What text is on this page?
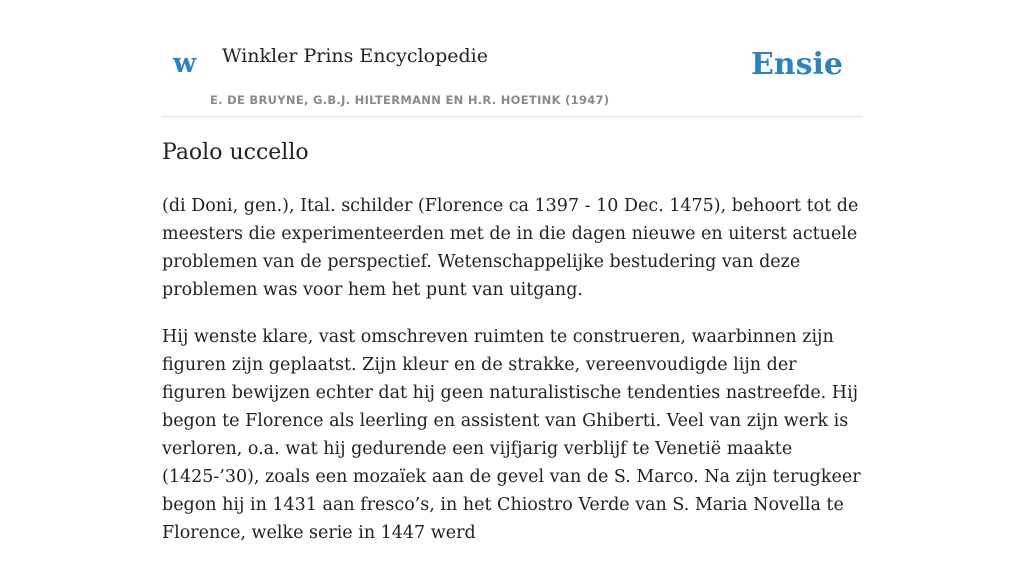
w Winkler Prins Encyclopedie
E. DE BRUYNE, G.B.J. HILTERMANN EN H.R. HOETINK (1947)
Ensie
Paolo uccello

(di Doni, gen.), Ital. schilder (Florence ca 1397 - 10 Dec. 1475), behoort tot de meesters die experimenteerden met de in die dagen nieuwe en uiterst actuele problemen van de perspectief. Wetenschappelijke bestudering van deze problemen was voor hem het punt van uitgang.

Hij wenste klare, vast omschreven ruimten te construeren, waarbinnen zijn figuren zijn geplaatst. Zijn kleur en de strakke, vereenvoudigde lijn der figuren bewijzen echter dat hij geen naturalistische tendenties nastreefde. Hij begon te Florence als leerling en assistent van Ghiberti. Veel van zijn werk is verloren, o.a. wat hij gedurende een vijfjarig verblijf te Venetië maakte (1425-’30), zoals een mozaïek aan de gevel van de S. Marco. Na zijn terugkeer begon hij in 1431 aan fresco’s, in het Chiostro Verde van S. Maria Novella te Florence, welke serie in 1447 werd
